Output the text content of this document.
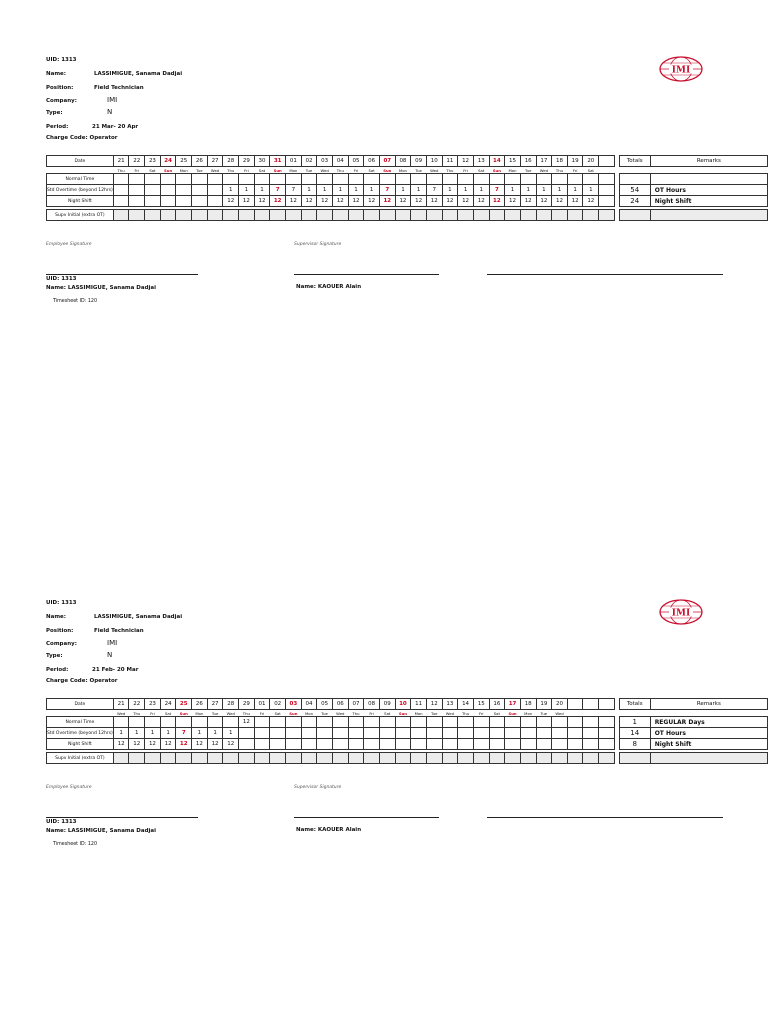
UID: 1313
Name:	LASSIMIGUE, Sanama Dadjai
Position:	Field Technician
Company:	IMI
Type:	N
Period:	21 Mar- 20 Apr
Charge Code: Operator
IMI
Date	21	22	23	24	25	26	27	28	29	30	31	01	02	03	04	05	06	07	08	09	10	11	12	13	14	15	16	17	18	19	20			Totals	Remarks
	Thu	Fri	Sat	Sun	Mon	Tue	Wed	Thu	Fri	Sat	Sun	Mon	Tue	Wed	Thu	Fri	Sat	Sun	Mon	Tue	Wed	Thu	Fri	Sat	Sun	Mon	Tue	Wed	Thu	Fri	Sat				
Normal Time																																			
Std Overtime (beyond 12hrs)								1	1	1	7	7	1	1	1	1	1	7	1	1	7	1	1	1	7	1	1	1	1	1	1			54	OT Hours
Night Shift								12	12	12	12	12	12	12	12	12	12	12	12	12	12	12	12	12	12	12	12	12	12	12	12			24	Night Shift

Supv Initial (extra OT)																																			
Employee Signature	Supervisor Signature
UID: 1313
Name: LASSIMIGUE, Sanama Dadjai
Timesheet ID: 120
Name: KAOUER Alain
UID: 1313
Name:	LASSIMIGUE, Sanama Dadjai
Position:	Field Technician
Company:	IMI
Type:	N
Period:	21 Feb- 20 Mar
Charge Code: Operator
IMI
Date	21	22	23	24	25	26	27	28	29	01	02	03	04	05	06	07	08	09	10	11	12	13	14	15	16	17	18	19	20					Totals	Remarks
	Wed	Thu	Fri	Sat	Sun	Mon	Tue	Wed	Thu	Fri	Sat	Sun	Mon	Tue	Wed	Thu	Fri	Sat	Sun	Mon	Tue	Wed	Thu	Fri	Sat	Sun	Mon	Tue	Wed						
Normal Time									12																									1	REGULAR Days
Std Overtime (beyond 12hrs)	1	1	1	1	7	1	1	1																										14	OT Hours
Night Shift	12	12	12	12	12	12	12	12																										8	Night Shift

Supv Initial (extra OT)																																			
Employee Signature	Supervisor Signature
UID: 1313
Name: LASSIMIGUE, Sanama Dadjai
Timesheet ID: 120
Name: KAOUER Alain
